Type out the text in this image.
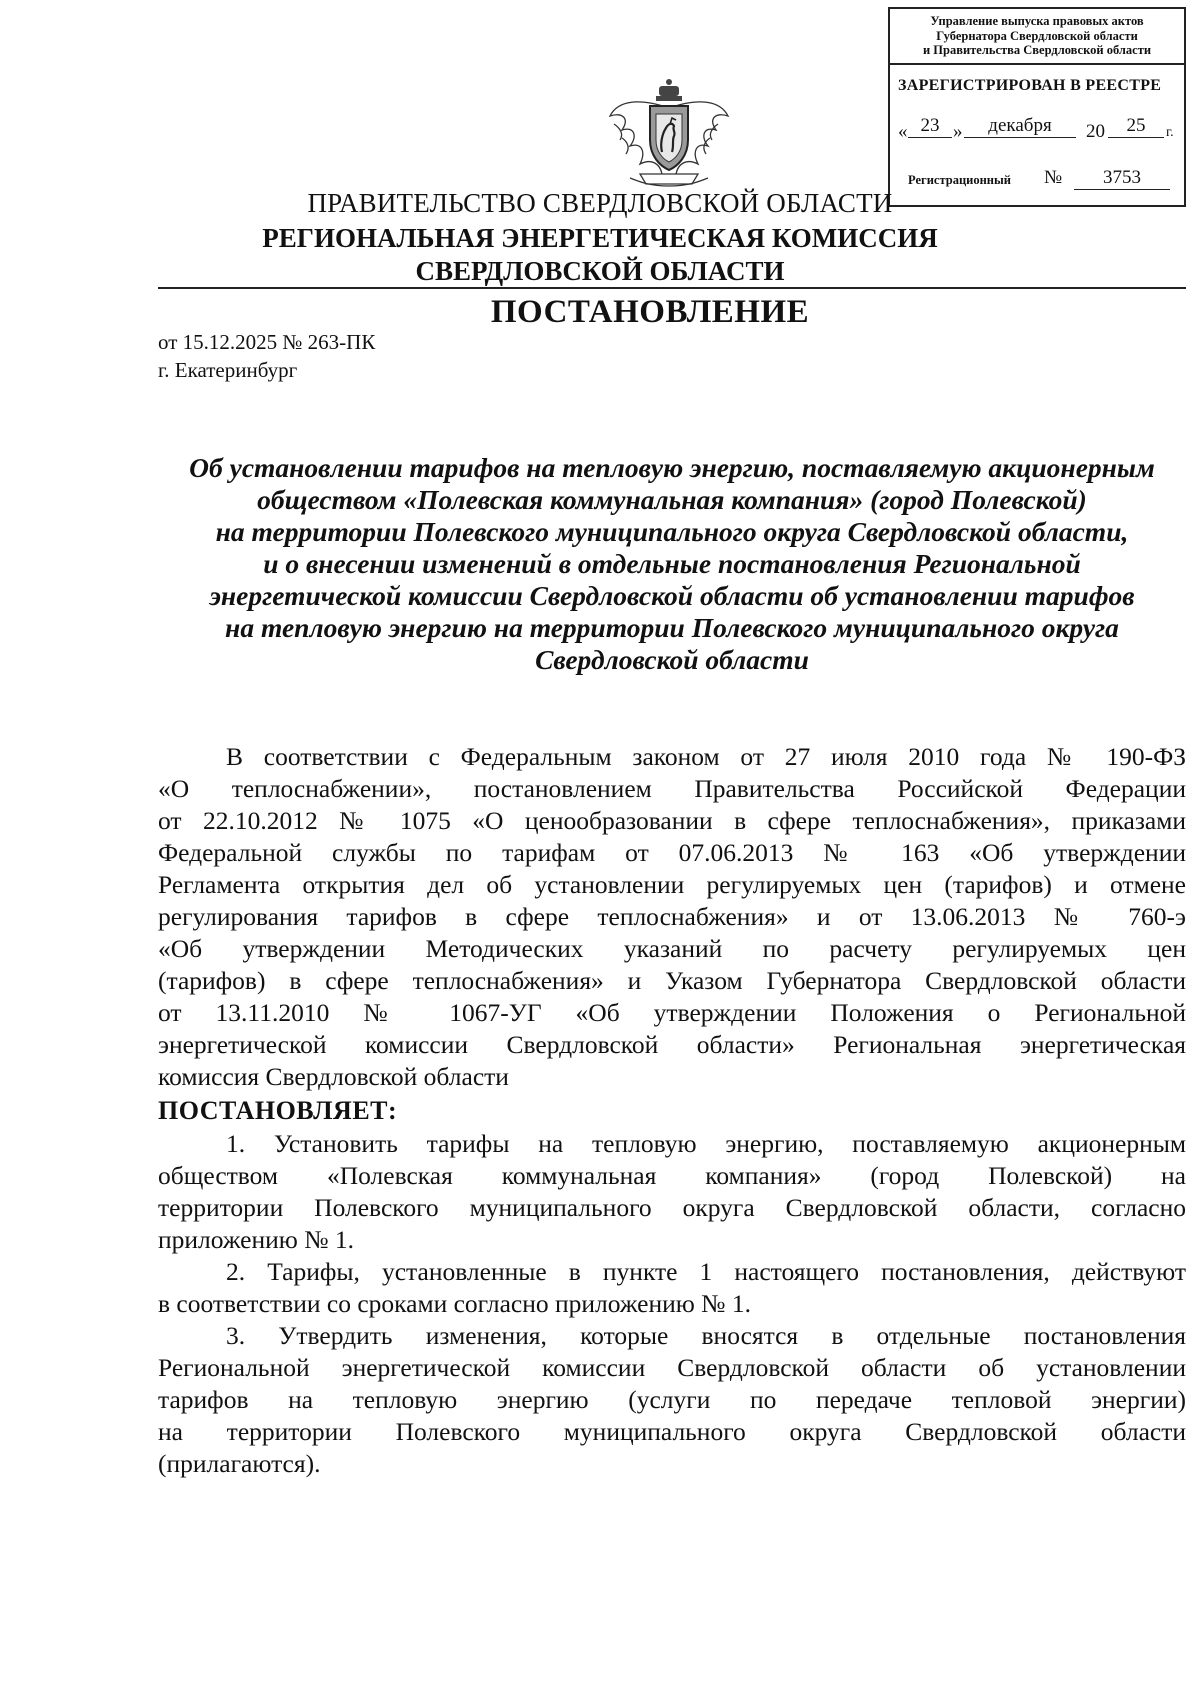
Управление выпуска правовых актов
Губернатора Свердловской области
и Правительства Свердловской области
ЗАРЕГИСТРИРОВАН В РЕЕСТРЕ
« 23 »	декабря	20	25	г.
Регистрационный №	3753
ПРАВИТЕЛЬСТВО СВЕРДЛОВСКОЙ ОБЛАСТИ
РЕГИОНАЛЬНАЯ ЭНЕРГЕТИЧЕСКАЯ КОМИССИЯ
СВЕРДЛОВСКОЙ ОБЛАСТИ
ПОСТАНОВЛЕНИЕ
от 15.12.2025 № 263-ПК
г. Екатеринбург
Об установлении тарифов на тепловую энергию, поставляемую акционерным
обществом «Полевская коммунальная компания» (город Полевской)
на территории Полевского муниципального округа Свердловской области,
и о внесении изменений в отдельные постановления Региональной
энергетической комиссии Свердловской области об установлении тарифов
на тепловую энергию на территории Полевского муниципального округа
Свердловской области
В соответствии с Федеральным законом от 27 июля 2010 года № 190-ФЗ
«О теплоснабжении», постановлением Правительства Российской Федерации
от 22.10.2012 № 1075 «О ценообразовании в сфере теплоснабжения», приказами
Федеральной службы по тарифам от 07.06.2013 № 163 «Об утверждении
Регламента открытия дел об установлении регулируемых цен (тарифов) и отмене
регулирования тарифов в сфере теплоснабжения» и от 13.06.2013 № 760-э
«Об утверждении Методических указаний по расчету регулируемых цен
(тарифов) в сфере теплоснабжения» и Указом Губернатора Свердловской области
от 13.11.2010 № 1067-УГ «Об утверждении Положения о Региональной
энергетической комиссии Свердловской области» Региональная энергетическая
комиссия Свердловской области
ПОСТАНОВЛЯЕТ:
1. Установить тарифы на тепловую энергию, поставляемую акционерным
обществом «Полевская коммунальная компания» (город Полевской) на
территории Полевского муниципального округа Свердловской области, согласно
приложению № 1.
2. Тарифы, установленные в пункте 1 настоящего постановления, действуют
в соответствии со сроками согласно приложению № 1.
3. Утвердить изменения, которые вносятся в отдельные постановления
Региональной энергетической комиссии Свердловской области об установлении
тарифов на тепловую энергию (услуги по передаче тепловой энергии)
на территории Полевского муниципального округа Свердловской области
(прилагаются).
